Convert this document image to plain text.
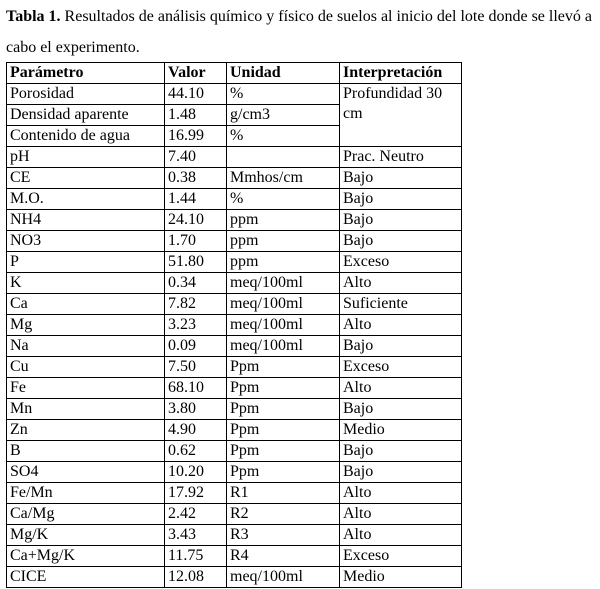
Tabla 1. Resultados de análisis químico y físico de suelos al inicio del lote donde se llevó a cabo el experimento.
Parámetro	Valor	Unidad	Interpretación
Porosidad	44.10	%	Profundidad 30 cm
Densidad aparente	1.48	g/cm3	
Contenido de agua	16.99	%	
pH	7.40		Prac. Neutro
CE	0.38	Mmhos/cm	Bajo
M.O.	1.44	%	Bajo
NH4	24.10	ppm	Bajo
NO3	1.70	ppm	Bajo
P	51.80	ppm	Exceso
K	0.34	meq/100ml	Alto
Ca	7.82	meq/100ml	Suficiente
Mg	3.23	meq/100ml	Alto
Na	0.09	meq/100ml	Bajo
Cu	7.50	Ppm	Exceso
Fe	68.10	Ppm	Alto
Mn	3.80	Ppm	Bajo
Zn	4.90	Ppm	Medio
B	0.62	Ppm	Bajo
SO4	10.20	Ppm	Bajo
Fe/Mn	17.92	R1	Alto
Ca/Mg	2.42	R2	Alto
Mg/K	3.43	R3	Alto
Ca+Mg/K	11.75	R4	Exceso
CICE	12.08	meq/100ml	Medio
